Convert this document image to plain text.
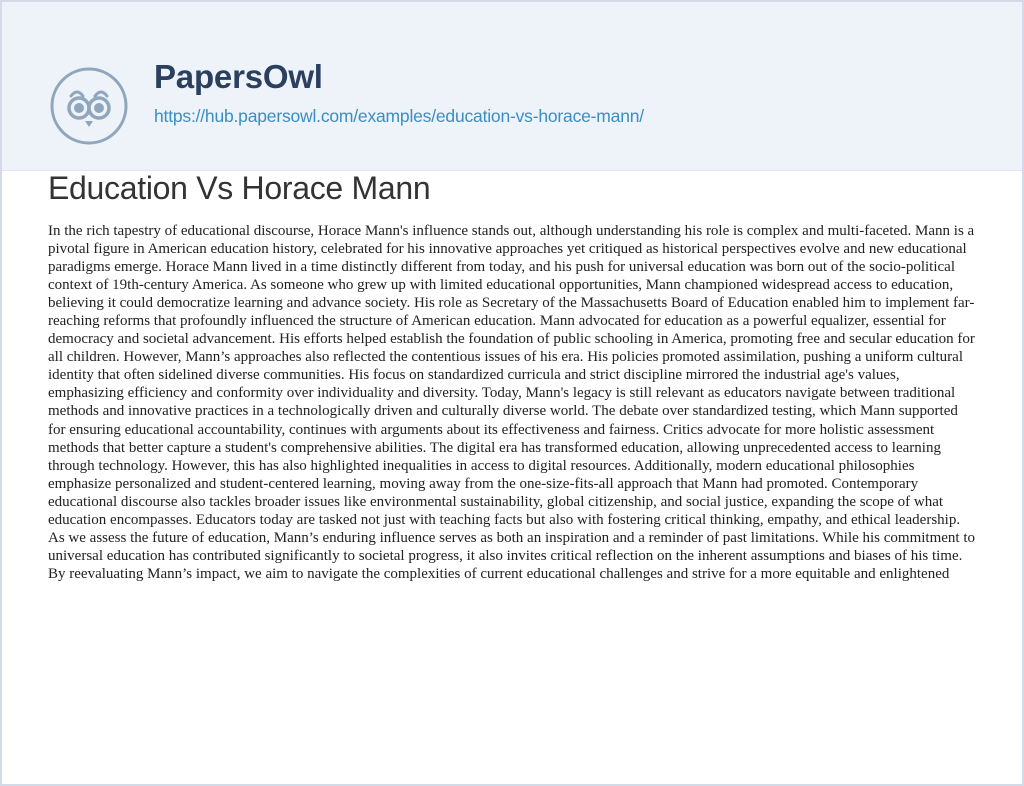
PapersOwl
https://hub.papersowl.com/examples/education-vs-horace-mann/
Education Vs Horace Mann

In the rich tapestry of educational discourse, Horace Mann's influence stands out, although understanding his role is complex and multi-faceted. Mann is a pivotal figure in American education history, celebrated for his innovative approaches yet critiqued as historical perspectives evolve and new educational paradigms emerge. Horace Mann lived in a time distinctly different from today, and his push for universal education was born out of the socio-political context of 19th-century America. As someone who grew up with limited educational opportunities, Mann championed widespread access to education, believing it could democratize learning and advance society. His role as Secretary of the Massachusetts Board of Education enabled him to implement far-reaching reforms that profoundly influenced the structure of American education. Mann advocated for education as a powerful equalizer, essential for democracy and societal advancement. His efforts helped establish the foundation of public schooling in America, promoting free and secular education for all children. However, Mann’s approaches also reflected the contentious issues of his era. His policies promoted assimilation, pushing a uniform cultural identity that often sidelined diverse communities. His focus on standardized curricula and strict discipline mirrored the industrial age's values, emphasizing efficiency and conformity over individuality and diversity. Today, Mann's legacy is still relevant as educators navigate between traditional methods and innovative practices in a technologically driven and culturally diverse world. The debate over standardized testing, which Mann supported for ensuring educational accountability, continues with arguments about its effectiveness and fairness. Critics advocate for more holistic assessment methods that better capture a student's comprehensive abilities. The digital era has transformed education, allowing unprecedented access to learning through technology. However, this has also highlighted inequalities in access to digital resources. Additionally, modern educational philosophies emphasize personalized and student-centered learning, moving away from the one-size-fits-all approach that Mann had promoted. Contemporary educational discourse also tackles broader issues like environmental sustainability, global citizenship, and social justice, expanding the scope of what education encompasses. Educators today are tasked not just with teaching facts but also with fostering critical thinking, empathy, and ethical leadership. As we assess the future of education, Mann’s enduring influence serves as both an inspiration and a reminder of past limitations. While his commitment to universal education has contributed significantly to societal progress, it also invites critical reflection on the inherent assumptions and biases of his time. By reevaluating Mann’s impact, we aim to navigate the complexities of current educational challenges and strive for a more equitable and enlightened
